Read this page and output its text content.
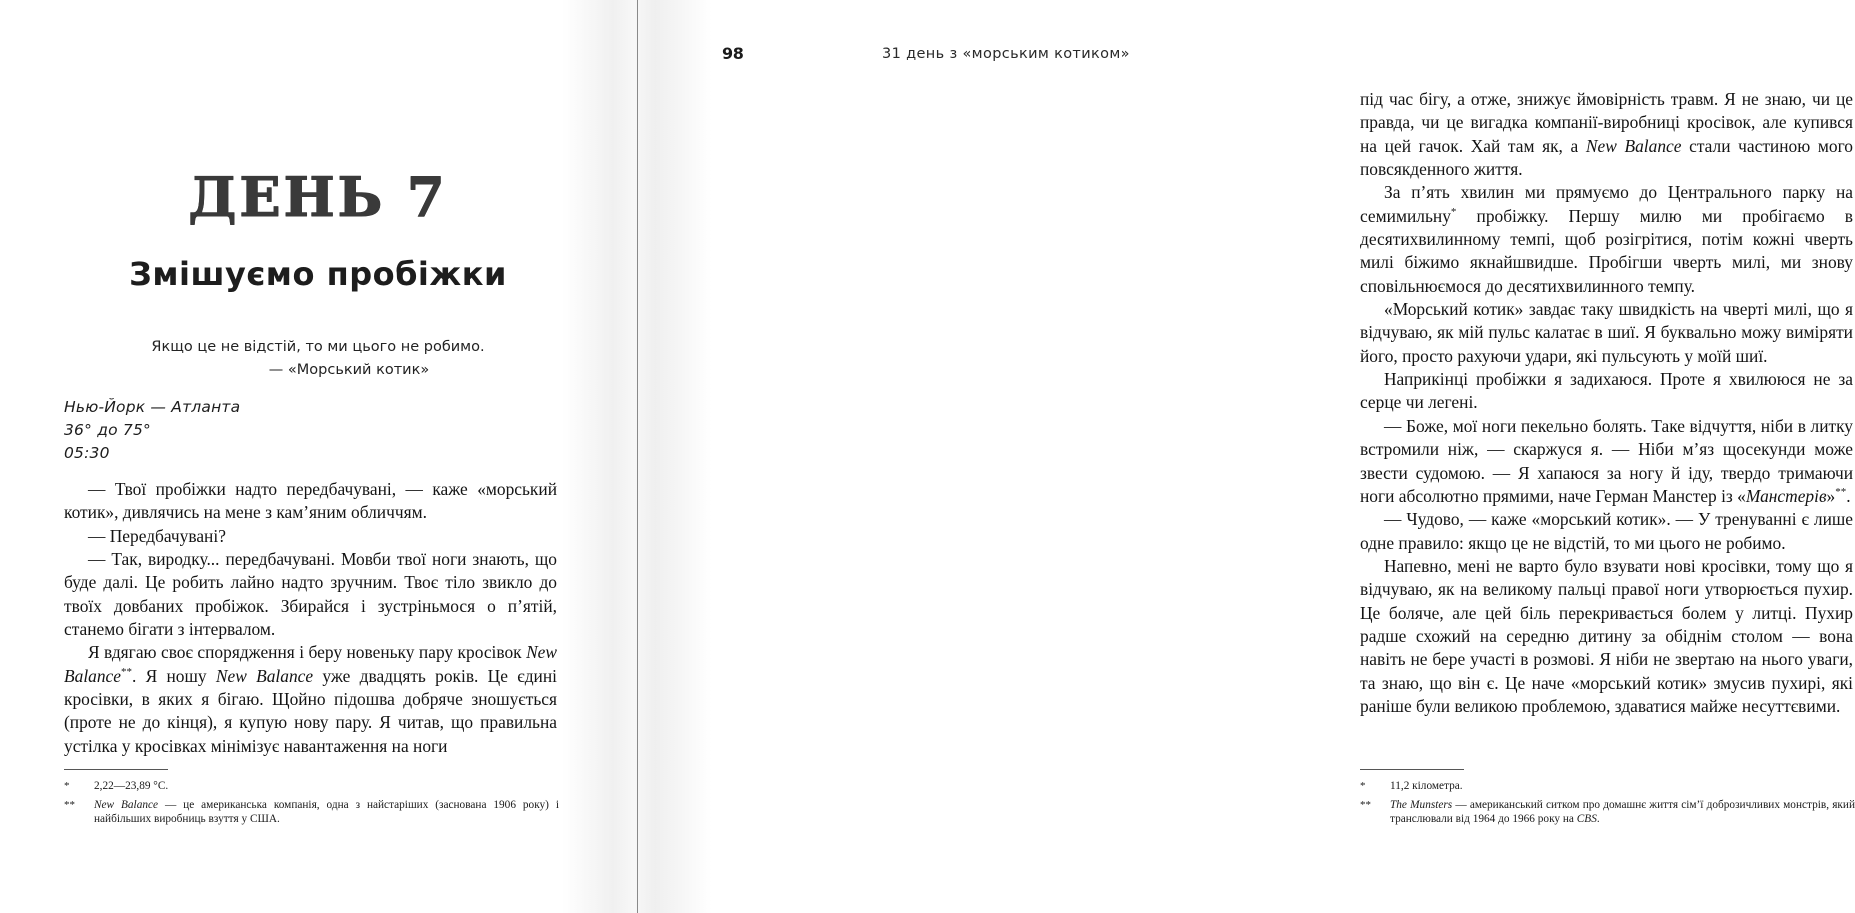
ДЕНЬ 7
Змішуємо пробіжки
Якщо це не відстій, то ми цього не робимо.
— «Морський котик»
Нью-Йорк — Атланта
36° до 75°
05:30

— Твої пробіжки надто передбачувані, — каже «морський котик», дивлячись на мене з кам’яним обличчям.

— Передбачувані?

— Так, виродку... передбачувані. Мовби твої ноги знають, що буде далі. Це робить лайно надто зручним. Твоє тіло звикло до твоїх довбаних пробіжок. Збирайся і зустріньмося о п’ятій, станемо бігати з інтервалом.

Я вдягаю своє спорядження і беру новеньку пару кросівок New Balance**. Я ношу New Balance уже двадцять років. Це єдині кросівки, в яких я бігаю. Щойно підошва добряче зношується (проте не до кінця), я купую нову пару. Я читав, що правильна устілка у кросівках мінімізує навантаження на ноги

*	2,22—23,89 °C.
**	New Balance — це американська компанія, одна з найстаріших (заснована 1906 року) і найбільших виробниць взуття у США.
98	31 день з «морським котиком»

під час бігу, а отже, знижує ймовірність травм. Я не знаю, чи це правда, чи це вигадка компанії-виробниці кросівок, але купився на цей гачок. Хай там як, а New Balance стали частиною мого повсякденного життя.

За п’ять хвилин ми прямуємо до Центрального парку на семимильну* пробіжку. Першу милю ми пробігаємо в десятихвилинному темпі, щоб розігрітися, потім кожні чверть милі біжимо якнайшвидше. Пробігши чверть милі, ми знову сповільнюємося до десятихвилинного темпу.

«Морський котик» завдає таку швидкість на чверті милі, що я відчуваю, як мій пульс калатає в шиї. Я буквально можу виміряти його, просто рахуючи удари, які пульсують у моїй шиї.

Наприкінці пробіжки я задихаюся. Проте я хвилююся не за серце чи легені.

— Боже, мої ноги пекельно болять. Таке відчуття, ніби в литку встромили ніж, — скаржуся я. — Ніби м’яз щосекунди може звести судомою. — Я хапаюся за ногу й іду, твердо тримаючи ноги абсолютно прямими, наче Герман Манстер із «Манстерів»**.

— Чудово, — каже «морський котик». — У тренуванні є лише одне правило: якщо це не відстій, то ми цього не робимо.

Напевно, мені не варто було взувати нові кросівки, тому що я відчуваю, як на великому пальці правої ноги утворюється пухир. Це боляче, але цей біль перекривається болем у литці. Пухир радше схожий на середню дитину за обіднім столом — вона навіть не бере участі в розмові. Я ніби не звертаю на нього уваги, та знаю, що він є. Це наче «морський котик» змусив пухирі, які раніше були великою проблемою, здаватися майже несуттєвими.

*	11,2 кілометра.
**	The Munsters — американський ситком про домашнє життя сім’ї доброзичливих монстрів, який транслювали від 1964 до 1966 року на CBS.
